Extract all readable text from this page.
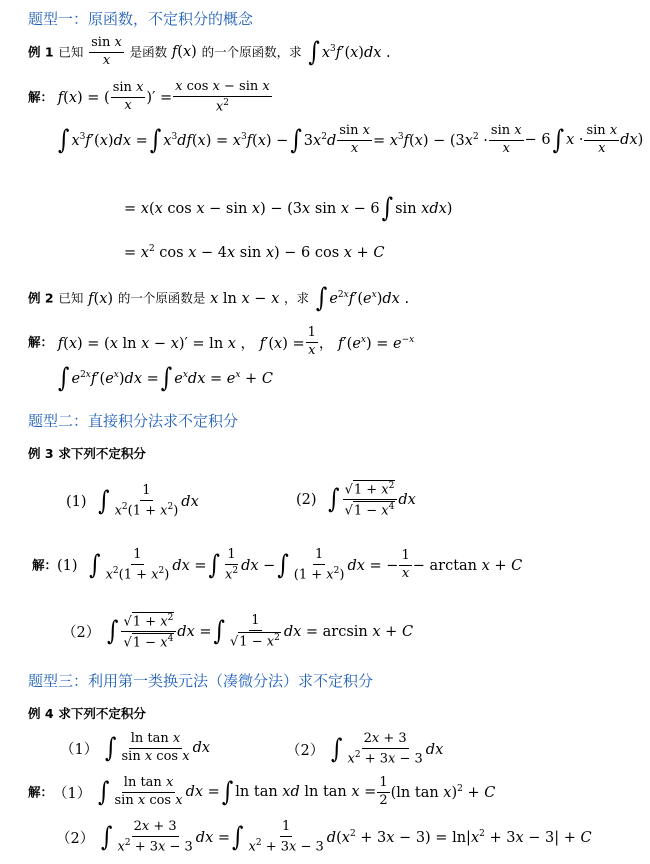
题型一：原函数，不定积分的概念
例 1 已知 $\frac{\text{sin x}}{x}$ 是函数 f(x) 的一个原函数，求 ∫ $x^3f'(x)dx$ .
解： f(x) = ( $\frac{\text{sin x}}{x}$ )′ = $\frac{\text{x cos x − sin x}}{x^2}$
∫ $x^3f'(x)dx$ =∫ $x^3df(x) = x^3f(x)$ −∫ $3x^2d \frac{\text{sin x}}{x} = x^3f(x) - (3x^2 \cdot \frac{\text{sin x}}{x} - 6\int$ $x \cdot \frac{\text{sin x}}{x} dx$)
= x(x cos x − sin x) − (3x sin x − 6∫ sin xdx)
= $x^2$ cos x − 4x sin x) − 6 cos x + C
例 2 已知 f(x) 的一个原函数是 x ln x − x ，求 ∫ $e^{2x}f'(e^x)dx$ .
解： f(x) = (x ln x − x)′ = ln x ， $f'(x) = \frac{1}{x}$ ， $f'(e^x) = e^{-x}$
∫ $e^{2x}f'(e^x)dx$ =∫ $e^xdx = e^x + C$
题型二：直接积分法求不定积分
例 3 求下列不定积分
(1) ∫ $\frac{1}{x^2(1 + x^2)}$ dx	(2) ∫ $\frac{√1 + x^2}{√1 - x^4}$ dx
解：(1) ∫ $\frac{1}{x^2(1 + x^2)}$ dx =∫ $\frac{1}{x^2}$ dx −∫ $\frac{1}{(1 + x^2)}$ dx = − $\frac{1}{x} - \arctan x + C$
（2） ∫ $\frac{√1 + x^2}{√1 - x^4}$ dx =∫ $\frac{1}{√1 - x^2}$ dx = arcsin x + C
题型三：利用第一类换元法（凑微分法）求不定积分
例 4 求下列不定积分
（1） ∫ $\frac{\text{ln tan x}}{\text{sin x cos x}}$ dx	（2） ∫ $\frac{2x + 3}{x^2 + 3x - 3}$ dx
解：（1） ∫ $\frac{\text{ln tan x}}{\text{sin x cos x}}$ dx =∫ ln tan xd $\ln \tan x = \frac{1}{2} (\ln$ tan x)$^2$ + C
（2） ∫ $\frac{2x + 3}{x^2 + 3x - 3}$ dx =∫ $\frac{1}{x^2 + 3x - 3} d(x^2 + 3x - 3) = \ln|x^2 + 3x - 3| + C$
